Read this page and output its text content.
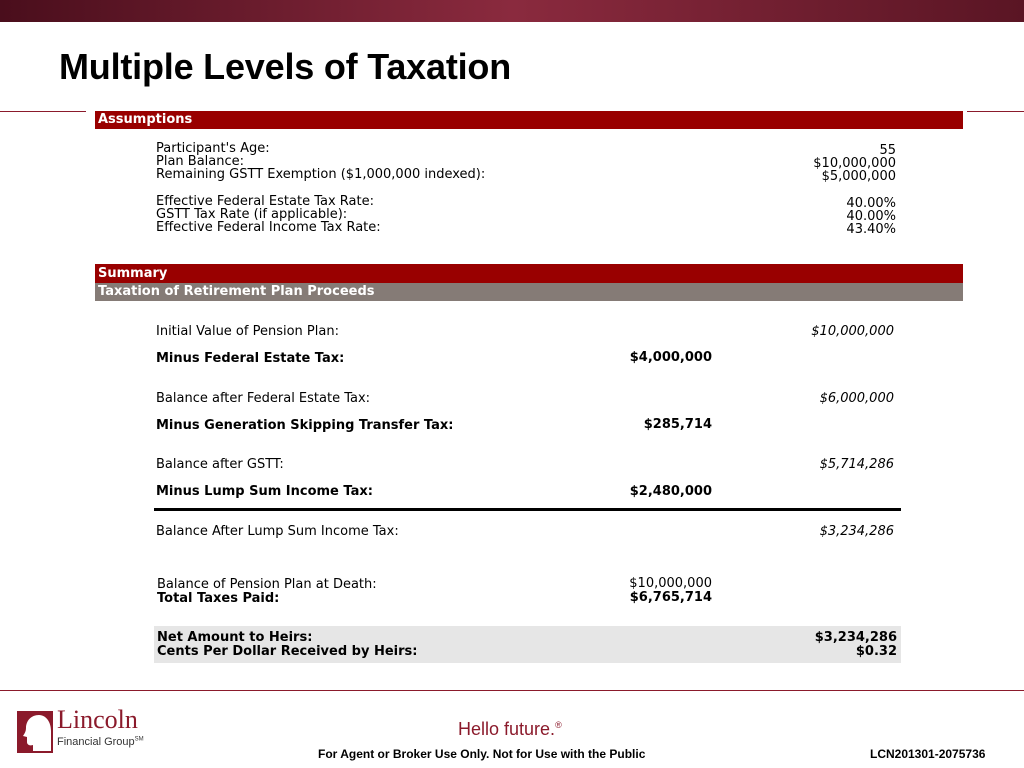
Multiple Levels of Taxation
Assumptions
Participant's Age:	55
Plan Balance:	$10,000,000
Remaining GSTT Exemption ($1,000,000 indexed):	$5,000,000
Effective Federal Estate Tax Rate:	40.00%
GSTT Tax Rate (if applicable):	40.00%
Effective Federal Income Tax Rate:	43.40%
Summary
Taxation of Retirement Plan Proceeds
Initial Value of Pension Plan:	$10,000,000
Minus Federal Estate Tax:	$4,000,000
Balance after Federal Estate Tax:	$6,000,000
Minus Generation Skipping Transfer Tax:	$285,714
Balance after GSTT:	$5,714,286
Minus Lump Sum Income Tax:	$2,480,000
Balance After Lump Sum Income Tax:	$3,234,286
Balance of Pension Plan at Death:	$10,000,000
Total Taxes Paid:	$6,765,714
Net Amount to Heirs:	$3,234,286
Cents Per Dollar Received by Heirs:	$0.32
Lincoln
Financial Group℠
Hello future.®
For Agent or Broker Use Only. Not for Use with the Public	LCN201301-2075736
